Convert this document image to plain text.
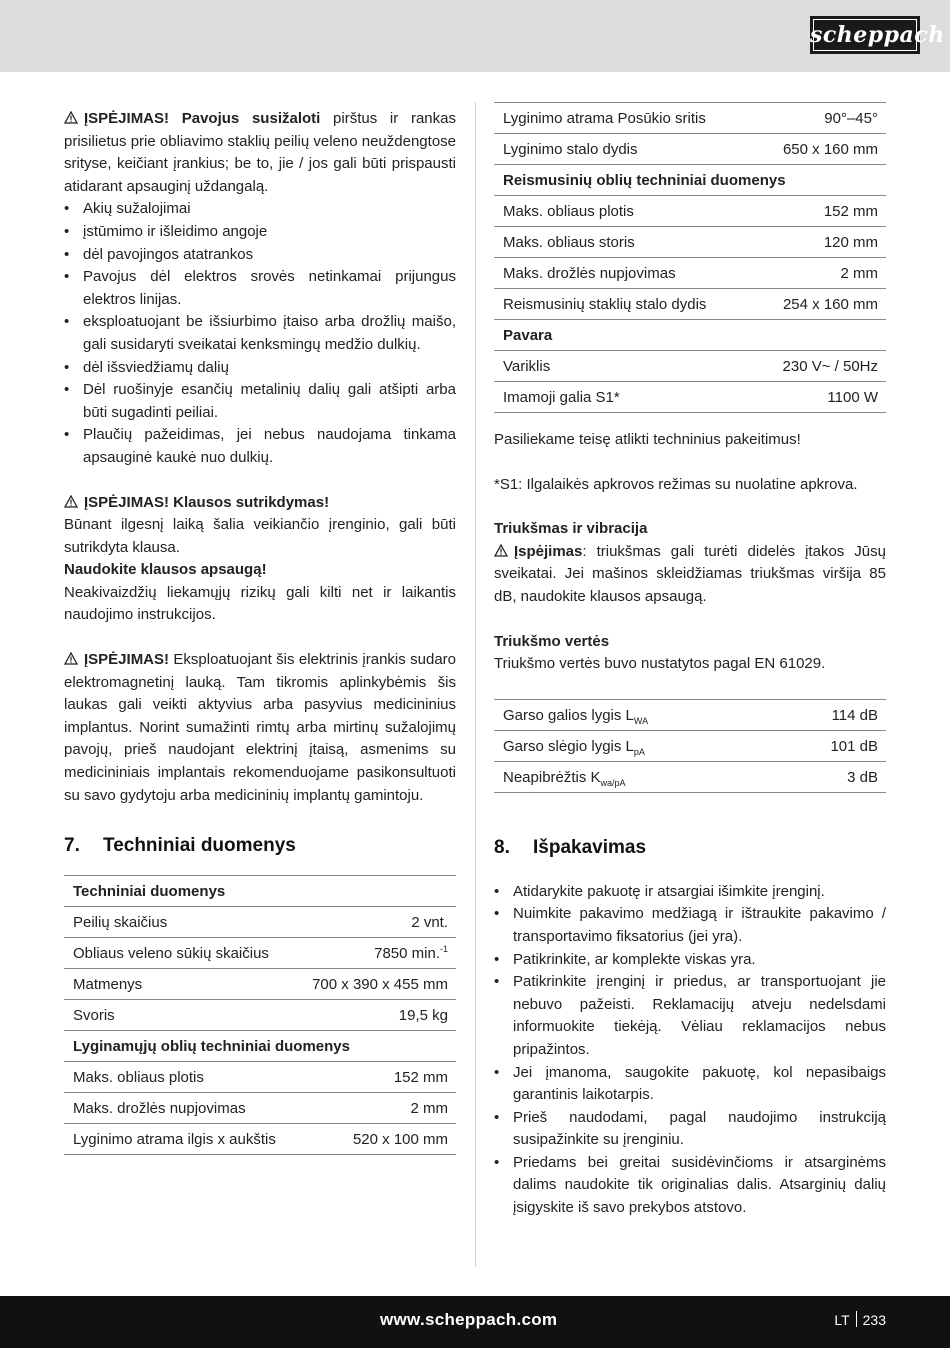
scheppach

ĮSPĖJIMAS! Pavojus susižaloti pirštus ir rankas prisilietus prie obliavimo staklių peilių veleno neuždengtose srityse, keičiant įrankius; be to, jie / jos gali būti prispausti atidarant apsauginį uždangalą.

• Akių sužalojimai
• įstūmimo ir išleidimo angoje
• dėl pavojingos atatrankos
• Pavojus dėl elektros srovės netinkamai prijungus elektros linijas.
• eksploatuojant be išsiurbimo įtaiso arba drožlių maišo, gali susidaryti sveikatai kenksmingų medžio dulkių.
• dėl išsviedžiamų dalių
• Dėl ruošinyje esančių metalinių dalių gali atšipti arba būti sugadinti peiliai.
• Plaučių pažeidimas, jei nebus naudojama tinkama apsauginė kaukė nuo dulkių.

ĮSPĖJIMAS! Klausos sutrikdymas!

Būnant ilgesnį laiką šalia veikiančio įrenginio, gali būti sutrikdyta klausa.

Naudokite klausos apsaugą!

Neakivaizdžių liekamųjų rizikų gali kilti net ir laikantis naudojimo instrukcijos.

ĮSPĖJIMAS! Eksploatuojant šis elektrinis įrankis sudaro elektromagnetinį lauką. Tam tikromis aplinkybėmis šis laukas gali veikti aktyvius arba pasyvius medicininius implantus. Norint sumažinti rimtų arba mirtinų sužalojimų pavojų, prieš naudojant elektrinį įtaisą, asmenims su medicininiais implantais rekomenduojame pasikonsultuoti su savo gydytoju arba medicininių implantų gamintoju.

7. Techniniai duomenys
Techniniai duomenys	
Peilių skaičius	2 vnt.
Obliaus veleno sūkių skaičius	7850 min.$^{-1}$
Matmenys	700 x 390 x 455 mm
Svoris	19,5 kg
Lyginamųjų oblių techniniai duomenys	
Maks. obliaus plotis	152 mm
Maks. drožlės nupjovimas	2 mm
Lyginimo atrama ilgis x aukštis	520 x 100 mm
Lyginimo atrama Posūkio sritis	90°–45°
Lyginimo stalo dydis	650 x 160 mm
Reismusinių oblių techniniai duomenys	
Maks. obliaus plotis	152 mm
Maks. obliaus storis	120 mm
Maks. drožlės nupjovimas	2 mm
Reismusinių staklių stalo dydis	254 x 160 mm
Pavara	
Variklis	230 V~ / 50Hz
Imamoji galia S1*	1100 W

Pasiliekame teisę atlikti techninius pakeitimus!

*S1: Ilgalaikės apkrovos režimas su nuolatine apkrova.

Triukšmas ir vibracija

Įspėjimas: triukšmas gali turėti didelės įtakos Jūsų sveikatai. Jei mašinos skleidžiamas triukšmas viršija 85 dB, naudokite klausos apsaugą.

Triukšmo vertės

Triukšmo vertės buvo nustatytos pagal EN 61029.

Garso galios lygis $L_{WA}$	114 dB
Garso slėgio lygis $L_{pA}$	101 dB
Neapibrėžtis $K_{wa/pA}$	3 dB
8. Išpakavimas
• Atidarykite pakuotę ir atsargiai išimkite įrenginį.
• Nuimkite pakavimo medžiagą ir ištraukite pakavimo / transportavimo fiksatorius (jei yra).
• Patikrinkite, ar komplekte viskas yra.
• Patikrinkite įrenginį ir priedus, ar transportuojant jie nebuvo pažeisti. Reklamacijų atveju nedelsdami informuokite tiekėją. Vėliau reklamacijos nebus pripažintos.
• Jei įmanoma, saugokite pakuotę, kol nepasibaigs garantinis laikotarpis.
• Prieš naudodami, pagal naudojimo instrukciją susipažinkite su įrenginiu.
• Priedams bei greitai susidėvinčioms ir atsarginėms dalims naudokite tik originalias dalis. Atsarginių dalių įsigyskite iš savo prekybos atstovo.
www.scheppach.com	LT 233
